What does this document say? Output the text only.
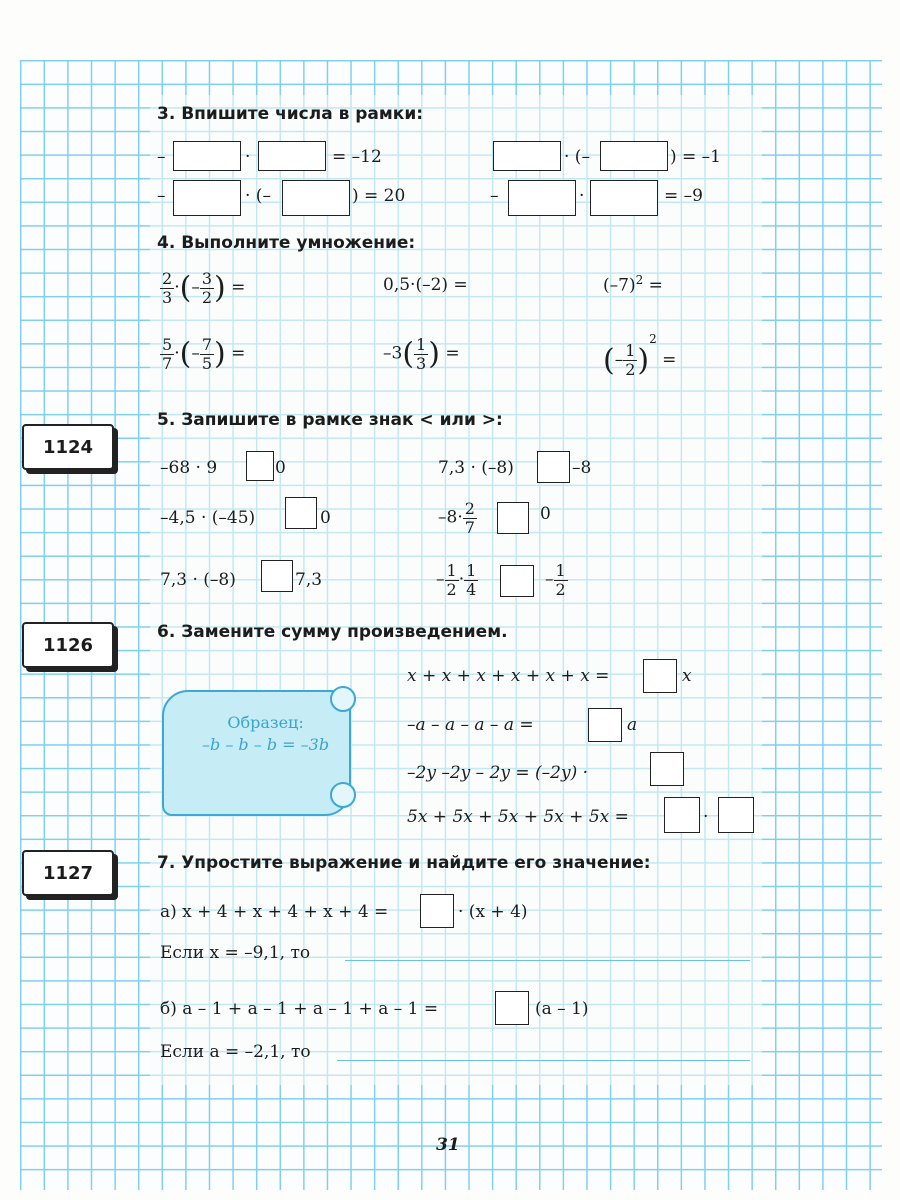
3. Впишите числа в рамки:
–	·	= –12	· (–	) = –1
–	· (–	) = 20	–	·	= –9
4. Выполните умножение:
$\frac{2}{3}$ ·(– $\frac{3}{2}$ ) =	0,5·(–2) =	$(-7)^2$ =
$\frac{5}{7}$ ·(– $\frac{7}{5}$ ) =	$-3( \frac{1}{3}$ ) =	(– $\frac{1}{2} )^2$ =
1124
5. Запишите в рамке знак < или >:
–68 · 9	0	7,3 · (–8)	–8
–4,5 · (–45)	0	$-8\cdot \frac{2}{7}$	0
7,3 · (–8)	7,3	– $\frac{1}{2} \cdot \frac{1}{4}$	– $\frac{1}{2}$
1126
6. Замените сумму произведением.
Образец:
–b – b – b = –3b
x + x + x + x + x + x =	x
–a – a – a – a =	a
–2y –2y – 2y = (–2y) ·
5x + 5x + 5x + 5x + 5x =	·
1127	7. Упростите выражение и найдите его значение:
а) x + 4 + x + 4 + x + 4 =	· (x + 4)
Если x = –9,1, то
б) a – 1 + a – 1 + a – 1 + a – 1 =	(a – 1)
Если a = –2,1, то
31
